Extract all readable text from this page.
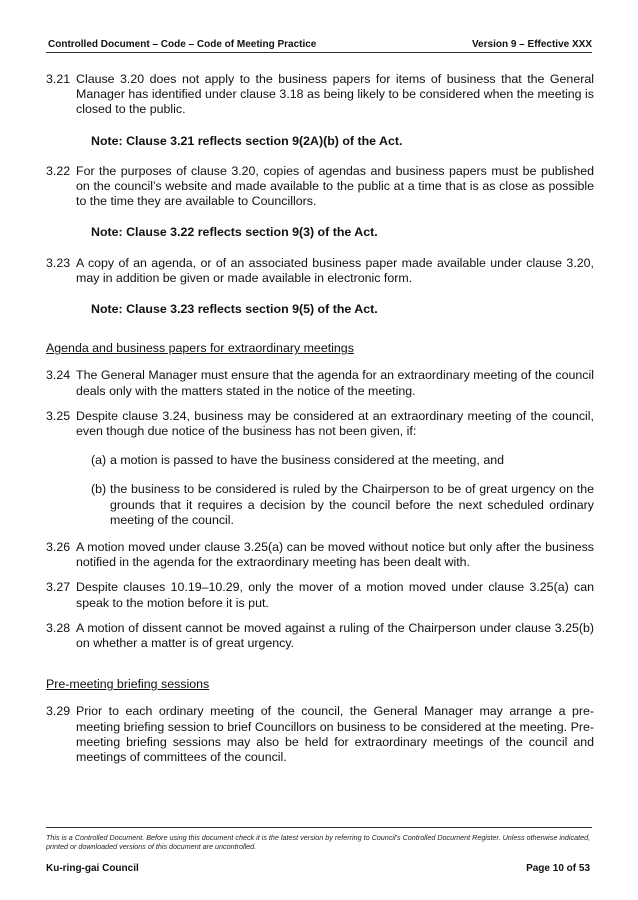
Controlled Document – Code – Code of Meeting Practice	Version 9 – Effective XXX
3.21 Clause 3.20 does not apply to the business papers for items of business that the General Manager has identified under clause 3.18 as being likely to be considered when the meeting is closed to the public.
Note: Clause 3.21 reflects section 9(2A)(b) of the Act.
3.22 For the purposes of clause 3.20, copies of agendas and business papers must be published on the council’s website and made available to the public at a time that is as close as possible to the time they are available to Councillors.
Note: Clause 3.22 reflects section 9(3) of the Act.
3.23 A copy of an agenda, or of an associated business paper made available under clause 3.20, may in addition be given or made available in electronic form.
Note: Clause 3.23 reflects section 9(5) of the Act.
Agenda and business papers for extraordinary meetings
3.24 The General Manager must ensure that the agenda for an extraordinary meeting of the council deals only with the matters stated in the notice of the meeting.
3.25 Despite clause 3.24, business may be considered at an extraordinary meeting of the council, even though due notice of the business has not been given, if:
(a) a motion is passed to have the business considered at the meeting, and
(b) the business to be considered is ruled by the Chairperson to be of great urgency on the grounds that it requires a decision by the council before the next scheduled ordinary meeting of the council.
3.26 A motion moved under clause 3.25(a) can be moved without notice but only after the business notified in the agenda for the extraordinary meeting has been dealt with.
3.27 Despite clauses 10.19–10.29, only the mover of a motion moved under clause 3.25(a) can speak to the motion before it is put.
3.28 A motion of dissent cannot be moved against a ruling of the Chairperson under clause 3.25(b) on whether a matter is of great urgency.
Pre-meeting briefing sessions
3.29 Prior to each ordinary meeting of the council, the General Manager may arrange a pre-meeting briefing session to brief Councillors on business to be considered at the meeting. Pre-meeting briefing sessions may also be held for extraordinary meetings of the council and meetings of committees of the council.
This is a Controlled Document. Before using this document check it is the latest version by referring to Council’s Controlled Document Register. Unless otherwise indicated, printed or downloaded versions of this document are uncontrolled.
Ku-ring-gai Council	Page 10 of 53
